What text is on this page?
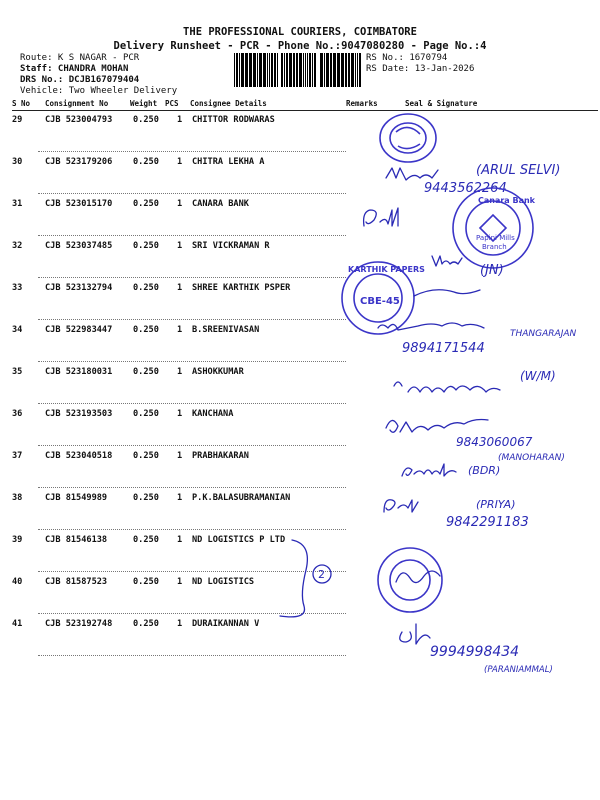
THE PROFESSIONAL COURIERS, COIMBATORE
Delivery Runsheet - PCR - Phone No.:9047080280 - Page No.:4
Route: K S NAGAR - PCR
Staff: CHANDRA MOHAN
DRS No.: DCJB167079404
Vehicle: Two Wheeler Delivery
RS No.: 1670794
RS Date: 13-Jan-2026
S No Consignment No	Weight PCS Consignee Details	Remarks	Seal & Signature
29	CJB 523004793 0.250 1 CHITTOR RODWARAS
30	CJB 523179206 0.250 1 CHITRA LEKHA A
31	CJB 523015170 0.250 1 CANARA BANK
32	CJB 523037485 0.250 1 SRI VICKRAMAN R
33	CJB 523132794 0.250 1 SHREE KARTHIK PSPER
34	CJB 522983447 0.250 1 B.SREENIVASAN
35	CJB 523180031 0.250 1 ASHOKKUMAR
36	CJB 523193503 0.250 1 KANCHANA
37	CJB 523040518 0.250 1 PRABHAKARAN
38	CJB 81549989	0.250 1 P.K.BALASUBRAMANIAN
39	CJB 81546138	0.250 1 ND LOGISTICS P LTD
40	CJB 81587523	0.250 1 ND LOGISTICS
41	CJB 523192748 0.250 1 DURAIKANNAN V
(ARUL SELVI)
9443562264
Canara Bank
Papini Mills
Branch
(JN)
KARTHIK PAPERS
CBE-45
THANGARAJAN
9894171544
(W/M)
9843060067
(MANOHARAN)
(BDR)
(PRIYA)
9842291183
2
9994998434
(PARANIAMMAL)
